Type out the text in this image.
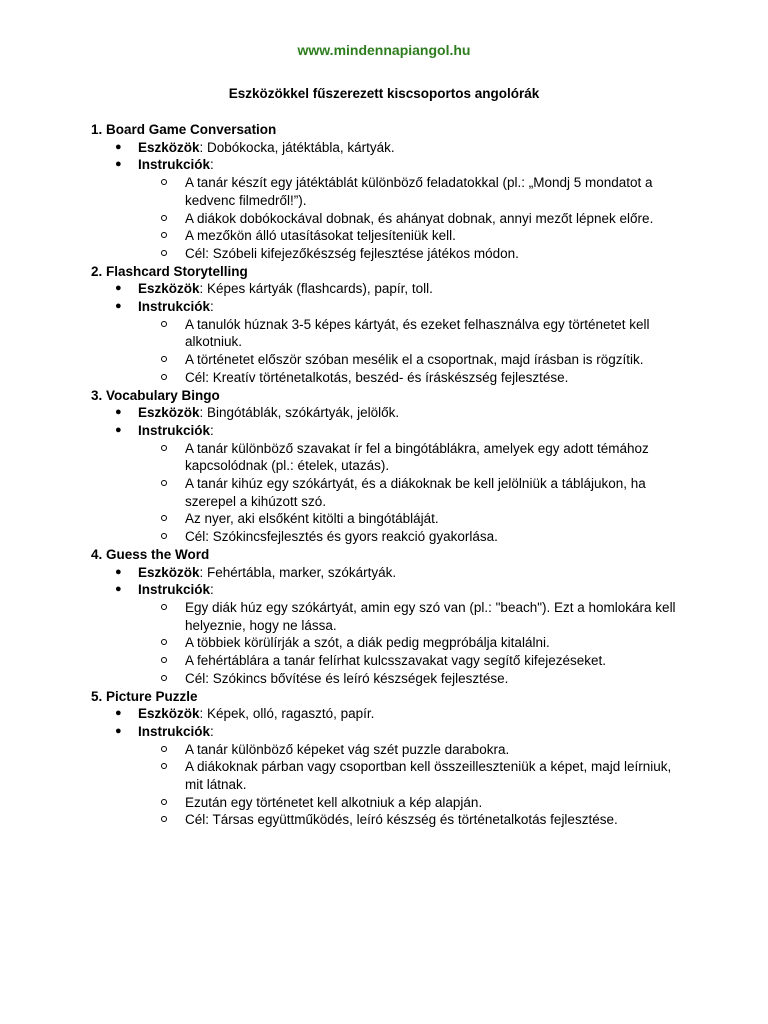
www.mindennapiangol.hu
Eszközökkel fűszerezett kiscsoportos angolórák
1. Board Game Conversation
● Eszközök: Dobókocka, játéktábla, kártyák.
● Instrukciók:
A tanár készít egy játéktáblát különböző feladatokkal (pl.: „Mondj 5 mondatot a kedvenc filmedről!”).
A diákok dobókockával dobnak, és ahányat dobnak, annyi mezőt lépnek előre.
A mezőkön álló utasításokat teljesíteniük kell.
Cél: Szóbeli kifejezőkészség fejlesztése játékos módon.
2. Flashcard Storytelling
● Eszközök: Képes kártyák (flashcards), papír, toll.
● Instrukciók:
A tanulók húznak 3-5 képes kártyát, és ezeket felhasználva egy történetet kell alkotniuk.
A történetet először szóban mesélik el a csoportnak, majd írásban is rögzítik.
Cél: Kreatív történetalkotás, beszéd- és íráskészség fejlesztése.
3. Vocabulary Bingo
● Eszközök: Bingótáblák, szókártyák, jelölők.
● Instrukciók:
A tanár különböző szavakat ír fel a bingótáblákra, amelyek egy adott témához kapcsolódnak (pl.: ételek, utazás).
A tanár kihúz egy szókártyát, és a diákoknak be kell jelölniük a táblájukon, ha szerepel a kihúzott szó.
Az nyer, aki elsőként kitölti a bingótábláját.
Cél: Szókincsfejlesztés és gyors reakció gyakorlása.
4. Guess the Word
● Eszközök: Fehértábla, marker, szókártyák.
● Instrukciók:
Egy diák húz egy szókártyát, amin egy szó van (pl.: "beach"). Ezt a homlokára kell helyeznie, hogy ne lássa.
A többiek körülírják a szót, a diák pedig megpróbálja kitalálni.
A fehértáblára a tanár felírhat kulcsszavakat vagy segítő kifejezéseket.
Cél: Szókincs bővítése és leíró készségek fejlesztése.
5. Picture Puzzle
● Eszközök: Képek, olló, ragasztó, papír.
● Instrukciók:
A tanár különböző képeket vág szét puzzle darabokra.
A diákoknak párban vagy csoportban kell összeilleszteniük a képet, majd leírniuk, mit látnak.
Ezután egy történetet kell alkotniuk a kép alapján.
Cél: Társas együttműködés, leíró készség és történetalkotás fejlesztése.
